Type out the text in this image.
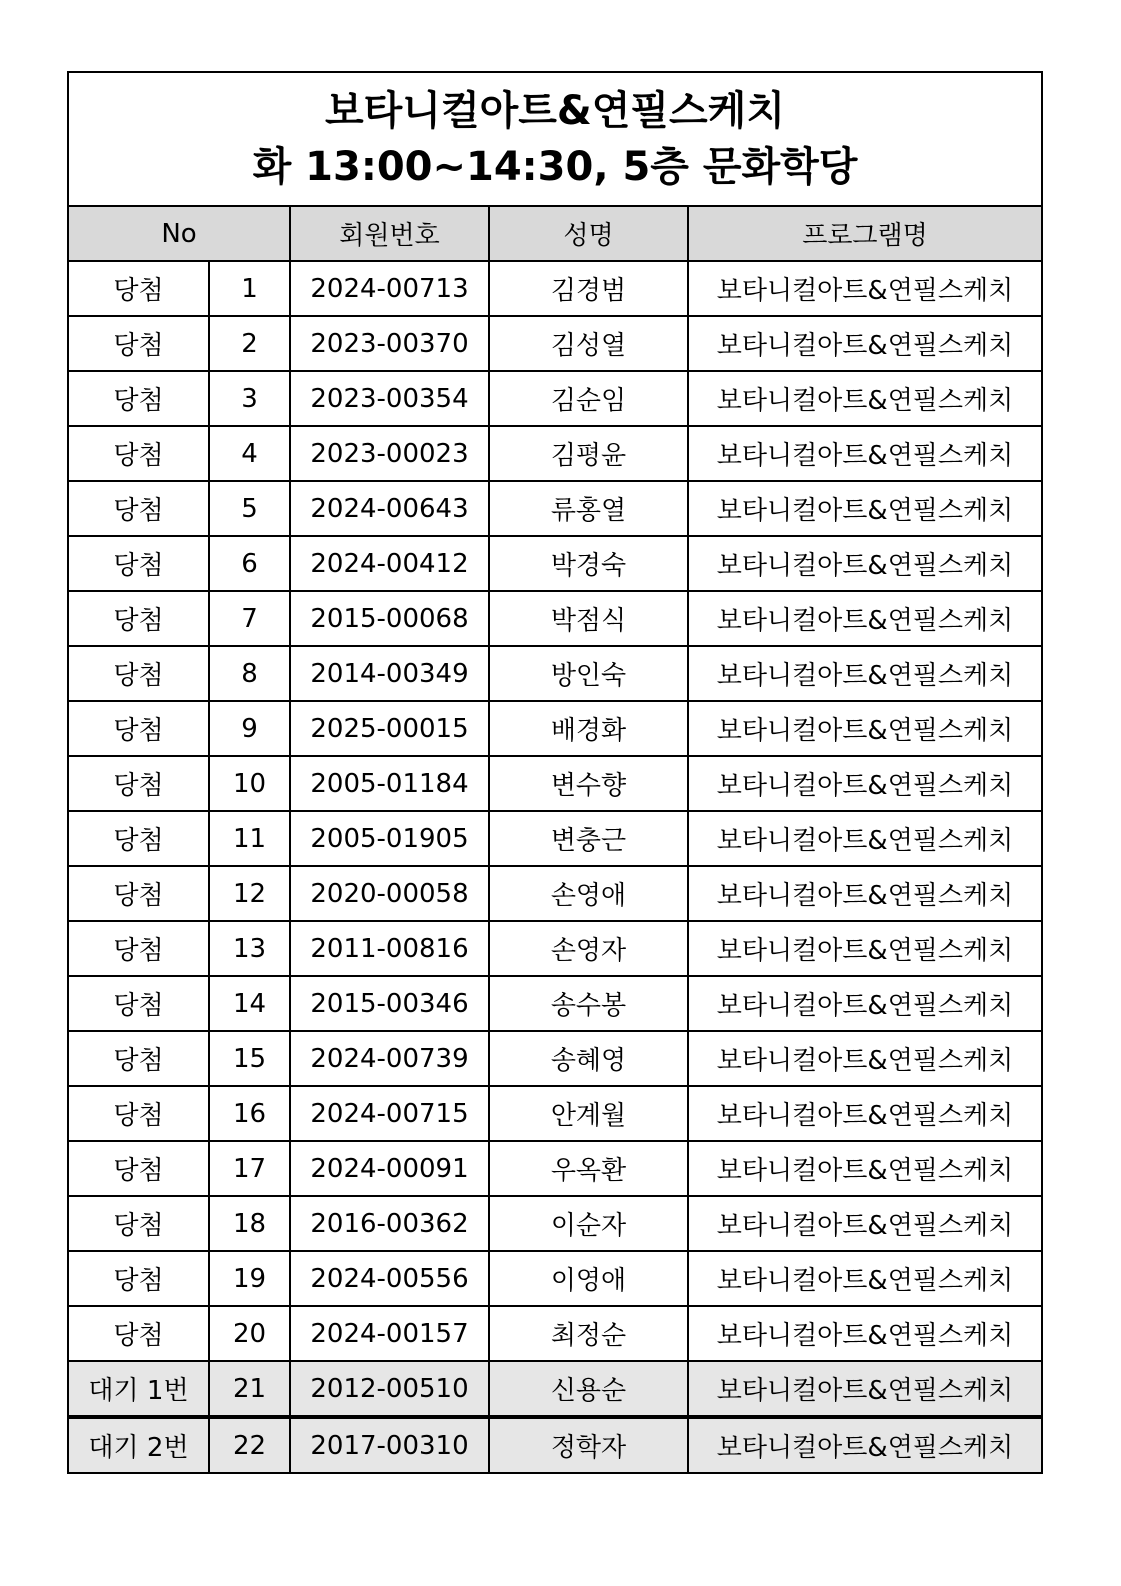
보타니컬아트&연필스케치
화 13:00~14:30, 5층 문화학당				

No		회원번호	성명	프로그램명
당첨	1	2024-00713	김경범	보타니컬아트&연필스케치
당첨	2	2023-00370	김성열	보타니컬아트&연필스케치
당첨	3	2023-00354	김순임	보타니컬아트&연필스케치
당첨	4	2023-00023	김평윤	보타니컬아트&연필스케치
당첨	5	2024-00643	류홍열	보타니컬아트&연필스케치
당첨	6	2024-00412	박경숙	보타니컬아트&연필스케치
당첨	7	2015-00068	박점식	보타니컬아트&연필스케치
당첨	8	2014-00349	방인숙	보타니컬아트&연필스케치
당첨	9	2025-00015	배경화	보타니컬아트&연필스케치
당첨	10	2005-01184	변수향	보타니컬아트&연필스케치
당첨	11	2005-01905	변충근	보타니컬아트&연필스케치
당첨	12	2020-00058	손영애	보타니컬아트&연필스케치
당첨	13	2011-00816	손영자	보타니컬아트&연필스케치
당첨	14	2015-00346	송수봉	보타니컬아트&연필스케치
당첨	15	2024-00739	송혜영	보타니컬아트&연필스케치
당첨	16	2024-00715	안계월	보타니컬아트&연필스케치
당첨	17	2024-00091	우옥환	보타니컬아트&연필스케치
당첨	18	2016-00362	이순자	보타니컬아트&연필스케치
당첨	19	2024-00556	이영애	보타니컬아트&연필스케치
당첨	20	2024-00157	최정순	보타니컬아트&연필스케치
대기 1번	21	2012-00510	신용순	보타니컬아트&연필스케치
대기 2번	22	2017-00310	정학자	보타니컬아트&연필스케치
